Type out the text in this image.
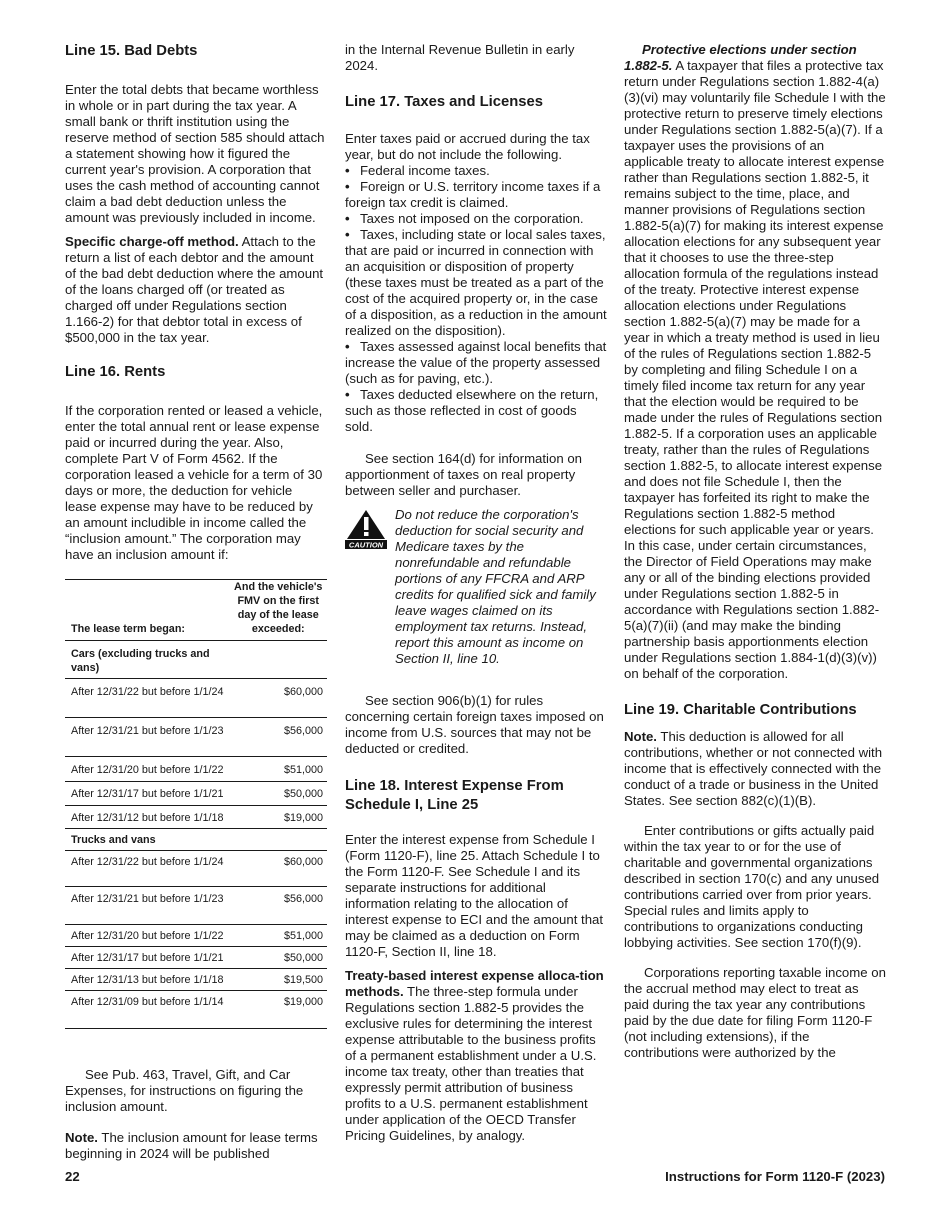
Line 15. Bad Debts

Enter the total debts that became worthless in whole or in part during the tax year. A small bank or thrift institution using the reserve method of section 585 should attach a statement showing how it figured the current year's provision. A corporation that uses the cash method of accounting cannot claim a bad debt deduction unless the amount was previously included in income.

Specific charge-off method. Attach to the return a list of each debtor and the amount of the bad debt deduction where the amount of the loans charged off (or treated as charged off under Regulations section 1.166-2) for that debtor total in excess of $500,000 in the tax year.

Line 16. Rents

If the corporation rented or leased a vehicle, enter the total annual rent or lease expense paid or incurred during the year. Also, complete Part V of Form 4562. If the corporation leased a vehicle for a term of 30 days or more, the deduction for vehicle lease expense may have to be reduced by an amount includible in income called the “inclusion amount.” The corporation may have an inclusion amount if:

The lease term began:	And the vehicle's FMV on the first day of the lease exceeded:
Cars (excluding trucks and vans)	
After 12/31/22 but before 1/1/24	$60,000
After 12/31/21 but before 1/1/23	$56,000
After 12/31/20 but before 1/1/22	$51,000
After 12/31/17 but before 1/1/21	$50,000
After 12/31/12 but before 1/1/18	$19,000
Trucks and vans	
After 12/31/22 but before 1/1/24	$60,000
After 12/31/21 but before 1/1/23	$56,000
After 12/31/20 but before 1/1/22	$51,000
After 12/31/17 but before 1/1/21	$50,000
After 12/31/13 but before 1/1/18	$19,500
After 12/31/09 but before 1/1/14	$19,000

See Pub. 463, Travel, Gift, and Car Expenses, for instructions on figuring the inclusion amount.

Note. The inclusion amount for lease terms beginning in 2024 will be published

in the Internal Revenue Bulletin in early 2024.

Line 17. Taxes and Licenses

Enter taxes paid or accrued during the tax year, but do not include the following.

• Federal income taxes.
• Foreign or U.S. territory income taxes if a foreign tax credit is claimed.
• Taxes not imposed on the corporation.
• Taxes, including state or local sales taxes, that are paid or incurred in connection with an acquisition or disposition of property (these taxes must be treated as a part of the cost of the acquired property or, in the case of a disposition, as a reduction in the amount realized on the disposition).
• Taxes assessed against local benefits that increase the value of the property assessed (such as for paving, etc.).
• Taxes deducted elsewhere on the return, such as those reflected in cost of goods sold.

See section 164(d) for information on apportionment of taxes on real property between seller and purchaser.

CAUTION

Do not reduce the corporation's deduction for social security and Medicare taxes by the nonrefundable and refundable portions of any FFCRA and ARP credits for qualified sick and family leave wages claimed on its employment tax returns. Instead, report this amount as income on Section II, line 10.

See section 906(b)(1) for rules concerning certain foreign taxes imposed on income from U.S. sources that may not be deducted or credited.

Line 18. Interest Expense From Schedule I, Line 25

Enter the interest expense from Schedule I (Form 1120-F), line 25. Attach Schedule I to the Form 1120-F. See Schedule I and its separate instructions for additional information relating to the allocation of interest expense to ECI and the amount that may be claimed as a deduction on Form 1120-F, Section II, line 18.

Treaty-based interest expense alloca-tion methods. The three-step formula under Regulations section 1.882-5 provides the exclusive rules for determining the interest expense attributable to the business profits of a permanent establishment under a U.S. income tax treaty, other than treaties that expressly permit attribution of business profits to a U.S. permanent establishment under application of the OECD Transfer Pricing Guidelines, by analogy.

Protective elections under section 1.882-5. A taxpayer that files a protective tax return under Regulations section 1.882-4(a)(3)(vi) may voluntarily file Schedule I with the protective return to preserve timely elections under Regulations section 1.882-5(a)(7). If a taxpayer uses the provisions of an applicable treaty to allocate interest expense rather than Regulations section 1.882-5, it remains subject to the time, place, and manner provisions of Regulations section 1.882-5(a)(7) for making its interest expense allocation elections for any subsequent year that it chooses to use the three-step allocation formula of the regulations instead of the treaty. Protective interest expense allocation elections under Regulations section 1.882-5(a)(7) may be made for a year in which a treaty method is used in lieu of the rules of Regulations section 1.882-5 by completing and filing Schedule I on a timely filed income tax return for any year that the election would be required to be made under the rules of Regulations section 1.882-5. If a corporation uses an applicable treaty, rather than the rules of Regulations section 1.882-5, to allocate interest expense and does not file Schedule I, then the taxpayer has forfeited its right to make the Regulations section 1.882-5 method elections for such applicable year or years. In this case, under certain circumstances, the Director of Field Operations may make any or all of the binding elections provided under Regulations section 1.882-5 in accordance with Regulations section 1.882-5(a)(7)(ii) (and may make the binding partnership basis apportionments election under Regulations section 1.884-1(d)(3)(v)) on behalf of the corporation.

Line 19. Charitable Contributions

Note. This deduction is allowed for all contributions, whether or not connected with income that is effectively connected with the conduct of a trade or business in the United States. See section 882(c)(1)(B).

Enter contributions or gifts actually paid within the tax year to or for the use of charitable and governmental organizations described in section 170(c) and any unused contributions carried over from prior years. Special rules and limits apply to contributions to organizations conducting lobbying activities. See section 170(f)(9).

Corporations reporting taxable income on the accrual method may elect to treat as paid during the tax year any contributions paid by the due date for filing Form 1120-F (not including extensions), if the contributions were authorized by the

22	Instructions for Form 1120-F (2023)
